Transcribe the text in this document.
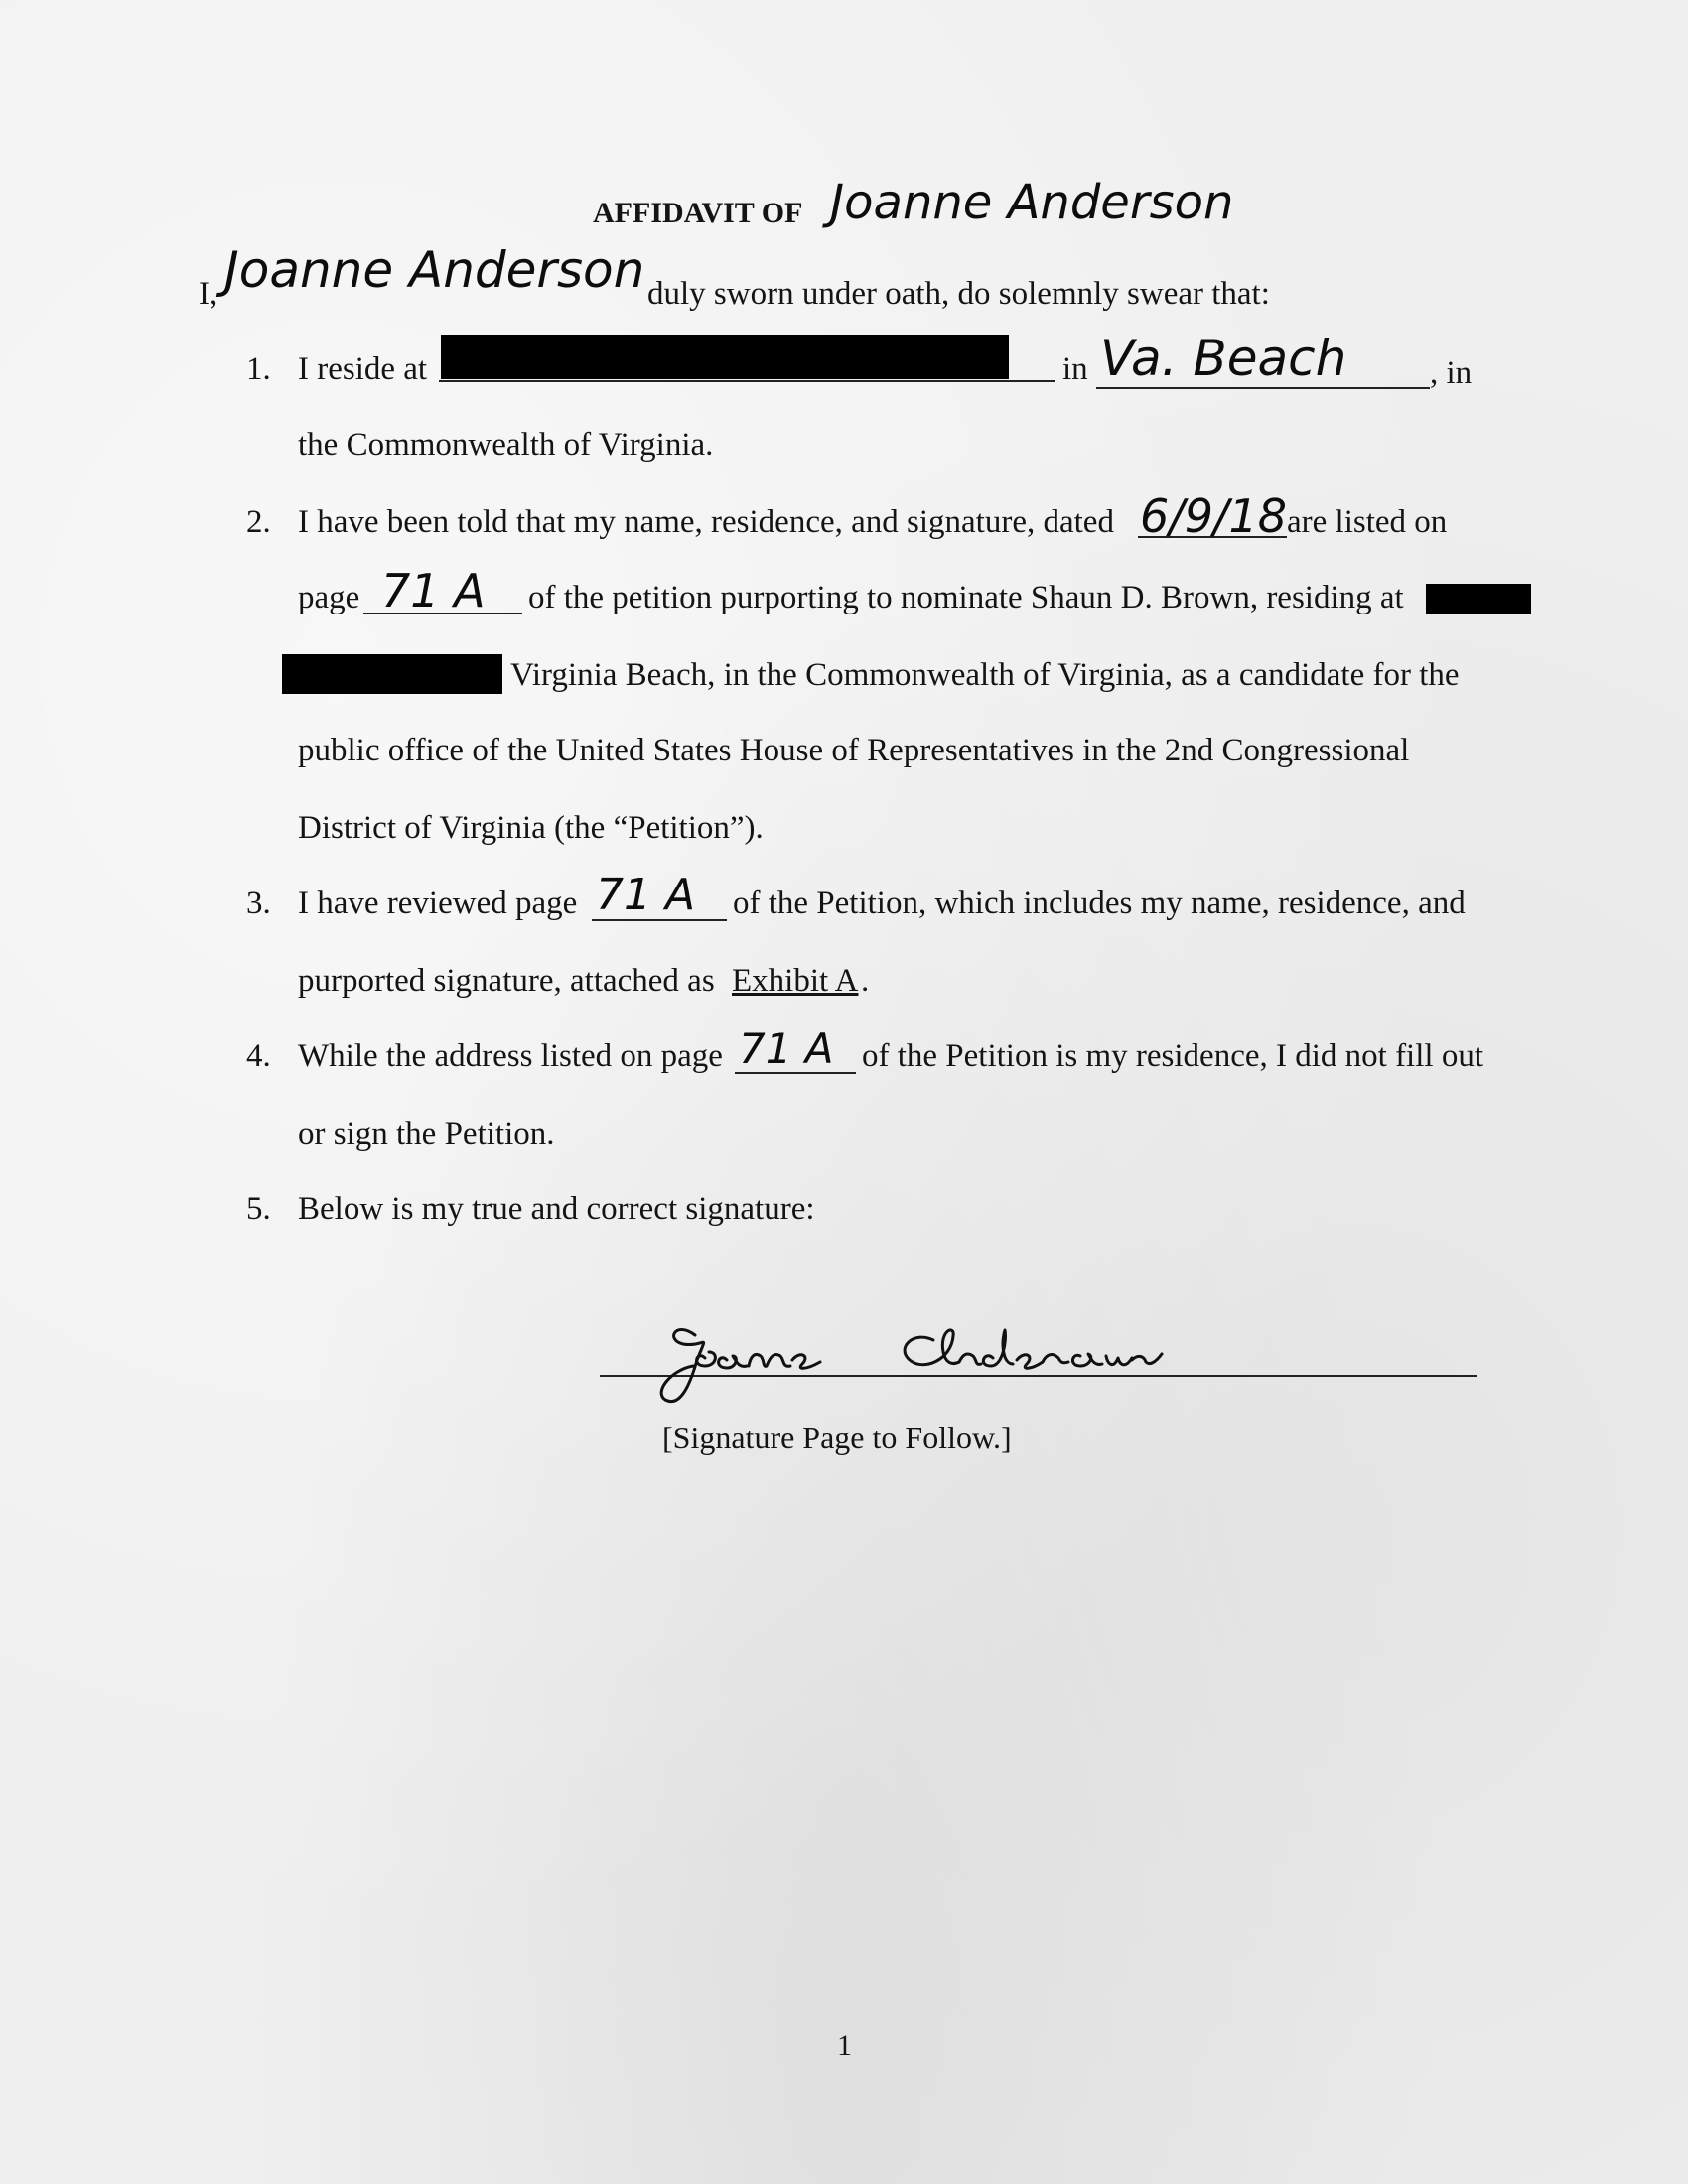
AFFIDAVIT OF Joanne Anderson
I, Joanne Anderson duly sworn under oath, do solemnly swear that:
1. I reside at	in Va. Beach	, in
the Commonwealth of Virginia.
2. I have been told that my name, residence, and signature, dated 6/9/18 are listed on
page 71 A of the petition purporting to nominate Shaun D. Brown, residing at
Virginia Beach, in the Commonwealth of Virginia, as a candidate for the
public office of the United States House of Representatives in the 2nd Congressional
District of Virginia (the “Petition”).
3. I have reviewed page 71 A of the Petition, which includes my name, residence, and
purported signature, attached as Exhibit A .
4. While the address listed on page 71 A of the Petition is my residence, I did not fill out
or sign the Petition.
5. Below is my true and correct signature:
[Signature Page to Follow.]
1
